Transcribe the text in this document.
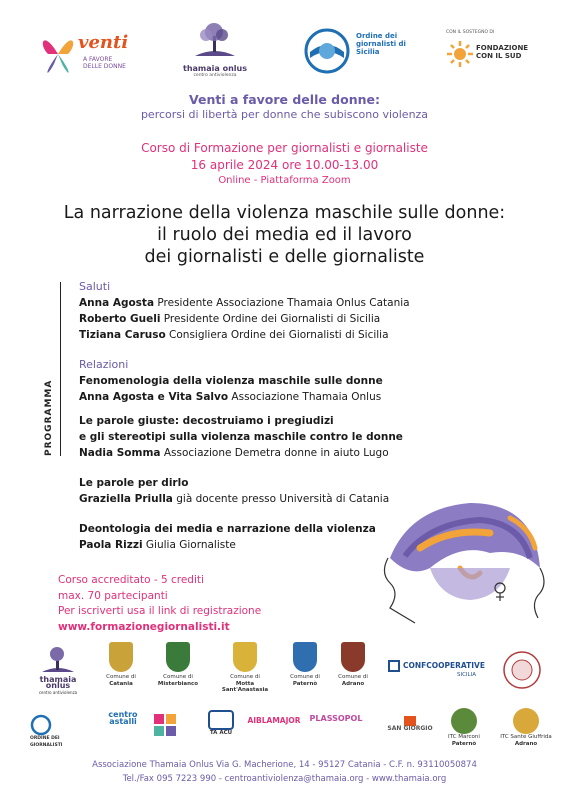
venti
A FAVORE DELLE DONNE	thamaia onlus
centro antiviolenza
Ordine dei giornalisti di Sicilia
CON IL SOSTEGNO DI
FONDAZIONE CON IL SUD
Venti a favore delle donne:
percorsi di libertà per donne che subiscono violenza
Corso di Formazione per giornalisti e giornaliste
16 aprile 2024 ore 10.00-13.00
Online - Piattaforma Zoom
La narrazione della violenza maschile sulle donne:
il ruolo dei media ed il lavoro
dei giornalisti e delle giornaliste
PROGRAMMA
Saluti
Anna Agosta Presidente Associazione Thamaia Onlus Catania
Roberto Gueli Presidente Ordine dei Giornalisti di Sicilia
Tiziana Caruso Consigliera Ordine dei Giornalisti di Sicilia
Relazioni
Fenomenologia della violenza maschile sulle donne
Anna Agosta e Vita Salvo Associazione Thamaia Onlus
Le parole giuste: decostruiamo i pregiudizi
e gli stereotipi sulla violenza maschile contro le donne
Nadia Somma Associazione Demetra donne in aiuto Lugo
Le parole per dirlo
Graziella Priulla già docente presso Università di Catania
Deontologia dei media e narrazione della violenza
Paola Rizzi Giulia Giornaliste
Corso accreditato - 5 crediti
max. 70 partecipanti
Per iscriverti usa il link di registrazione
www.formazionegiornalisti.it
thamaia onlus
centro antiviolenza
Comune di
Catania
Comune di
Misterbianco
Comune di
Motta Sant'Anastasia
Comune di
Paternò
Comune di
Adrano
CONFCOOPERATIVE
SICILIA
ORDINE DEI GIORNALISTI
centro astalli
TA ACU
AIBLAMAJOR PLASSOPOL
SAN GIORGIO
ITC Marconi
Paternò
ITC Sante Giuffrida
Adrano
Associazione Thamaia Onlus Via G. Macherione, 14 - 95127 Catania - C.F. n. 93110050874
Tel./Fax 095 7223 990 - centroantiviolenza@thamaia.org - www.thamaia.org
